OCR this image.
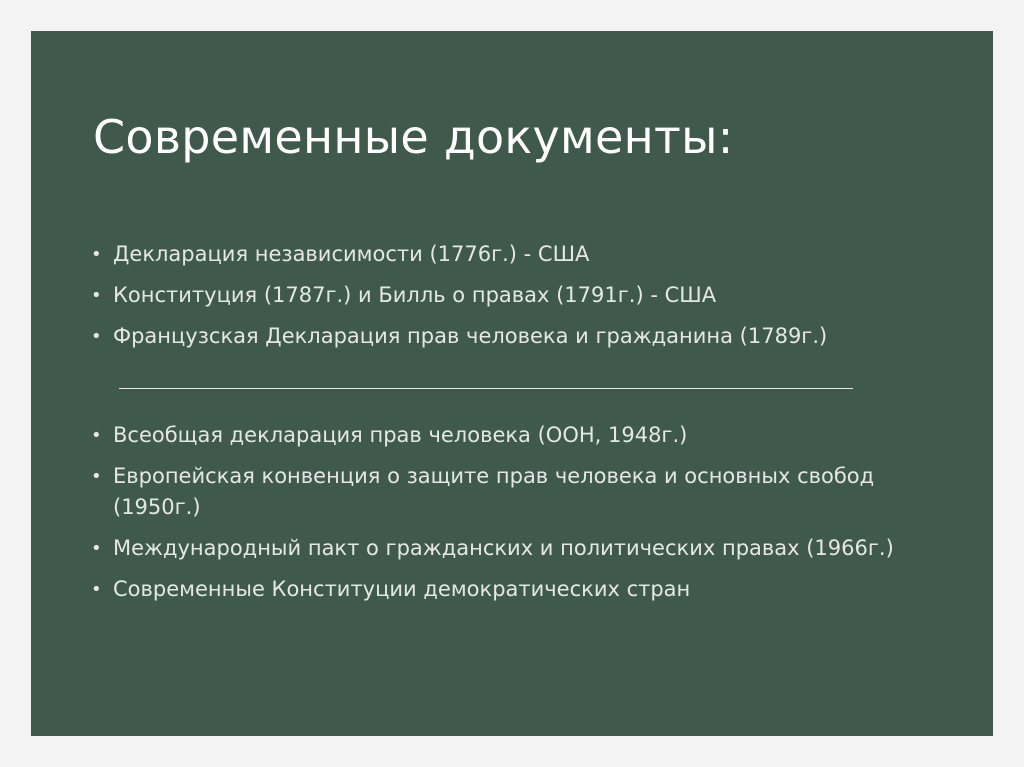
Современные документы:
• Декларация независимости (1776г.) - США
• Конституция (1787г.) и Билль о правах (1791г.) - США
• Французская Декларация прав человека и гражданина (1789г.)
• Всеобщая декларация прав человека (ООН, 1948г.)
• Европейская конвенция о защите прав человека и основных свобод (1950г.)
• Международный пакт о гражданских и политических правах (1966г.)
• Современные Конституции демократических стран
